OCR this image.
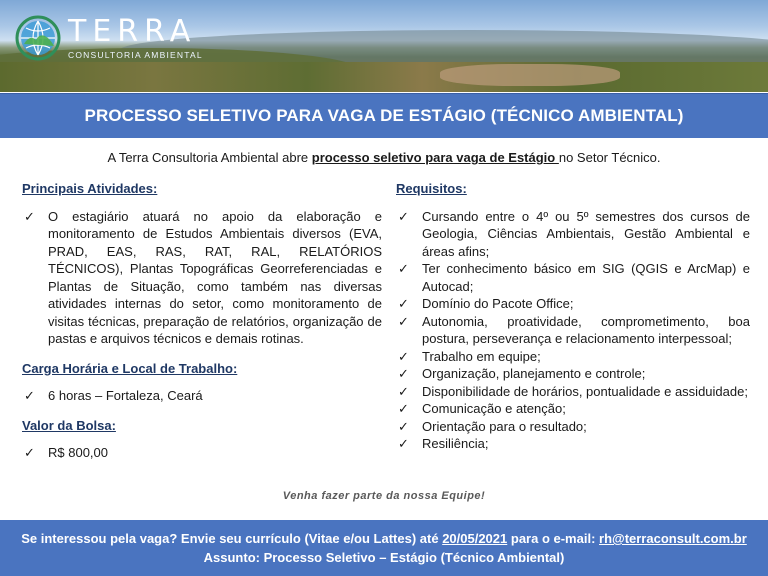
TERRA
CONSULTORIA AMBIENTAL
PROCESSO SELETIVO PARA VAGA DE ESTÁGIO (TÉCNICO AMBIENTAL)
A Terra Consultoria Ambiental abre processo seletivo para vaga de Estágio no Setor Técnico.
Principais Atividades:
✓ O estagiário atuará no apoio da elaboração e monitoramento de Estudos Ambientais diversos (EVA, PRAD, EAS, RAS, RAT, RAL, RELATÓRIOS TÉCNICOS), Plantas Topográficas Georreferenciadas e Plantas de Situação, como também nas diversas atividades internas do setor, como monitoramento de visitas técnicas, preparação de relatórios, organização de pastas e arquivos técnicos e demais rotinas.
Carga Horária e Local de Trabalho:
✓ 6 horas – Fortaleza, Ceará
Valor da Bolsa:
✓ R$ 800,00
Requisitos:
✓ Cursando entre o 4º ou 5º semestres dos cursos de Geologia, Ciências Ambientais, Gestão Ambiental e áreas afins;
✓ Ter conhecimento básico em SIG (QGIS e ArcMap) e Autocad;
✓ Domínio do Pacote Office;
✓ Autonomia, proatividade, comprometimento, boa postura, perseverança e relacionamento interpessoal;
✓ Trabalho em equipe;
✓ Organização, planejamento e controle;
✓ Disponibilidade de horários, pontualidade e assiduidade;
✓ Comunicação e atenção;
✓ Orientação para o resultado;
✓ Resiliência;
Venha fazer parte da nossa Equipe!
Se interessou pela vaga? Envie seu currículo (Vitae e/ou Lattes) até 20/05/2021 para o e-mail: rh@terraconsult.com.br
Assunto: Processo Seletivo – Estágio (Técnico Ambiental)
